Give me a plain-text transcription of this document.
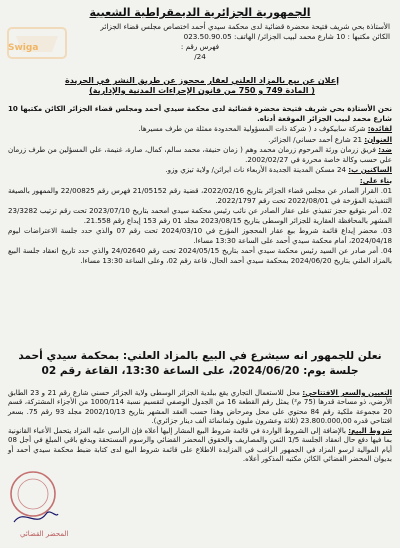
Swiga
الجمهورية الجزائرية الديمقراطية الشعبية
الأستاذة بحي شريف فتيحة محضرة قضائية لدى محكمة سيدي أحمد اختصاص مجلس قضاء الجزائر
الكائن مكتبها : 10 شارع محمد لبيب الجزائر/ الهاتف: 023.50.90.05
فهرس رقم :
24/
إعلان عن بيع بالمزاد العلني لعقار محجوز عن طريق النشر في الجريدة
( المادة 749 و 750 من قانون الإجراءات المدنية والإدارية)

نحن الأستاذة بحي شريف فتيحة محضرة قضائية لدى محكمة سيدي أحمد ومجلس قضاء الجزائر الكائن مكتبها 10 شارع محمد لبيب الجزائر الموقعة أدناه.

لفائدة: شركة سابيكوف د ( شركة ذات المسؤولية المحدودة ممثلة من طرف مسيرها.

العنوان: 21 شارع أحمد حساني/ الجزائر.

ضد: فريق زرمان ورثة المرحوم زرمان محمد وهم ( زمان حنيفة، محمد سالم، كمال، صارة، غنيمة، علي المسؤلين من طرف زرمان علي حسب وكالة خاصة محررة في 2002/02/27.

الساكنين ب: 24 مسكن المدينة الجديدة الأربعاء ناث ايراثن/ ولاية تيزي وزو.

بناء على:

01. القرار الصادر عن مجلس قضاء الجزائر بتاريخ 2022/02/16، قضية رقم 21/05152 فهرس رقم 22/00825 والممهور بالصيغة التنفيذية المؤرخة في 2022/08/01 تحت رقم 2022/1797.

02. أمر بتوقيع حجز تنفيذي على عقار الصادر عن نائب رئيس محكمة سيدي امحمد بتاريخ 2023/07/10 تحت رقم ترتيب 23/3282 المشهر بالمحافظة العقارية للجزائر الوسطى بتاريخ 2023/08/15 مجلد 01 رقم 153 إيداع رقم 21.558.

03. محضر إيداع قائمة شروط بيع عقار المحجوز المؤرخ في 2024/03/10 تحت رقم 07 والذي حدد جلسة الاعتراضات ليوم 2024/04/18، أمام محكمة سيدي أحمد على الساعة 13:30 مساءا.

04. أمر صادر عن السيد رئيس محكمة سيدي أحمد بتاريخ 2024/05/15 تحت رقم 24/02640 والذي حدد تاريخ انعقاد جلسة البيع بالمزاد العلني بتاريخ 2024/06/20 بمحكمة سيدي أحمد الحال، قاعة رقم 02، وعلى الساعة 13:30 مساءا.

نعلن للجمهور انه سيشرع في البيع بالمزاد العلني: بمحكمة سيدي أحمد جلسة يوم: 2024/06/20، على الساعة 13:30، القاعة رقم 02

التعيين والسعر الافتتاحي: محل للاستعمال التجاري يقع ببلدية الجزائر الوسطى ولاية الجزائر حسني شارع رقم 21 و 23 الطابق الأرضي، ذو مساحة قدرها (75 م²) يمثل رقم القطعة 16 من الجدول الوصفي لتقسيم نسبة 1000/114 من الأجزاء المشتركة، قسم 20 مجموعة ملكية رقم 84 محتوي على محل ومرحاض وهذا حسب العقد المشهر بتاريخ 2002/10/13 مجلد 93 رقم 75. بسعر افتتاحي قدره 23.800.000,00 (ثلاثة وعشرون مليون وثمانمائة ألف دينار جزائري).

شروط البيع: بالإضافة إلى الشروط الواردة في قائمة شروط البيع المشار إليها أعلاه فإن الراسي عليه المزاد يتحمل الأعباء القانونية بما فيها دفع حال انعقاد الجلسة 1/5 الثمن والمصاريف والحقوق المحضر القضائي والرسوم المستحقة ويدفع باقي المبلغ في أجل 08 أيام الموالية لرسو المزاد في الجمهور الراغب في المزايدة الاطلاع على قائمة شروط البيع لدى كتابة ضبط محكمة سيدي أحمد أو بديوان المحضر القضائي الكائن مكتبه المذكور أعلاه.

المحضر القضائي
